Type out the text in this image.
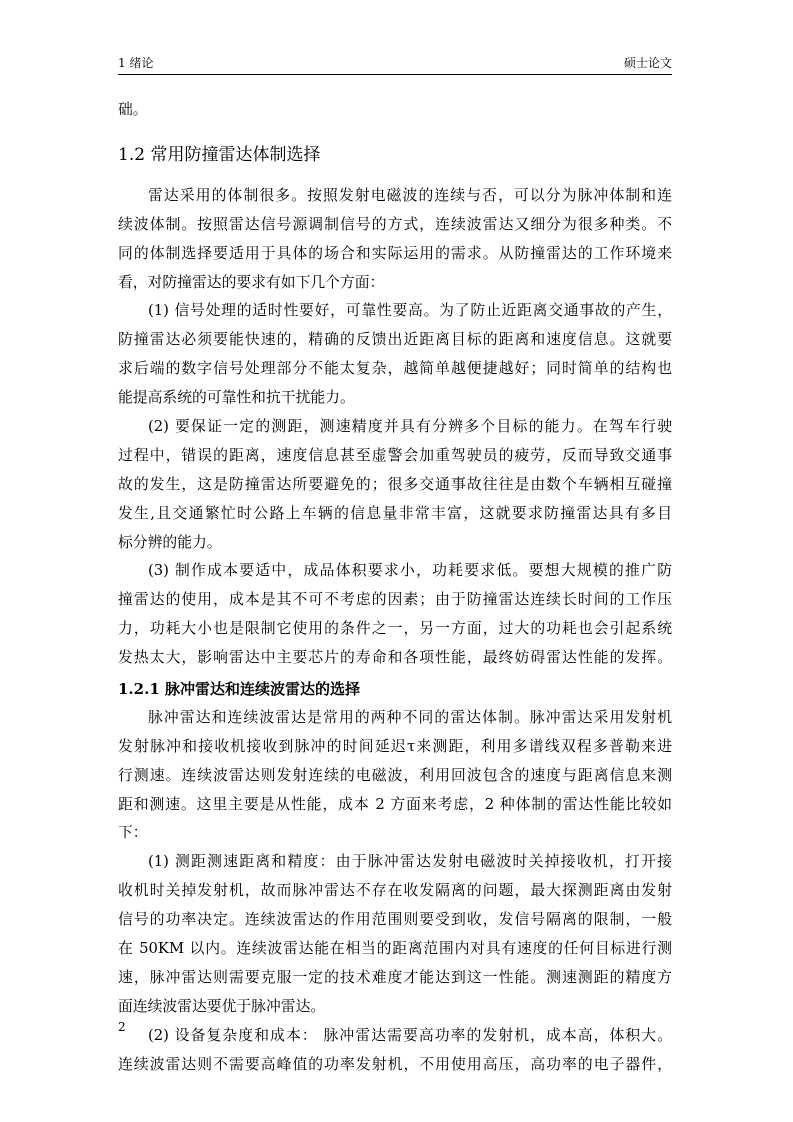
1 绪论	硕士论文
础。
1.2 常用防撞雷达体制选择
雷达采用的体制很多。按照发射电磁波的连续与否，可以分为脉冲体制和连
续波体制。按照雷达信号源调制信号的方式，连续波雷达又细分为很多种类。不
同的体制选择要适用于具体的场合和实际运用的需求。从防撞雷达的工作环境来
看，对防撞雷达的要求有如下几个方面：
(1) 信号处理的适时性要好，可靠性要高。为了防止近距离交通事故的产生，
防撞雷达必须要能快速的，精确的反馈出近距离目标的距离和速度信息。这就要
求后端的数字信号处理部分不能太复杂，越简单越便捷越好；同时简单的结构也
能提高系统的可靠性和抗干扰能力。
(2) 要保证一定的测距，测速精度并具有分辨多个目标的能力。在驾车行驶
过程中，错误的距离，速度信息甚至虚警会加重驾驶员的疲劳，反而导致交通事
故的发生，这是防撞雷达所要避免的；很多交通事故往往是由数个车辆相互碰撞
发生,且交通繁忙时公路上车辆的信息量非常丰富，这就要求防撞雷达具有多目
标分辨的能力。
(3) 制作成本要适中，成品体积要求小，功耗要求低。要想大规模的推广防
撞雷达的使用，成本是其不可不考虑的因素；由于防撞雷达连续长时间的工作压
力，功耗大小也是限制它使用的条件之一，另一方面，过大的功耗也会引起系统
发热太大，影响雷达中主要芯片的寿命和各项性能，最终妨碍雷达性能的发挥。
1.2.1 脉冲雷达和连续波雷达的选择
脉冲雷达和连续波雷达是常用的两种不同的雷达体制。脉冲雷达采用发射机
发射脉冲和接收机接收到脉冲的时间延迟τ来测距，利用多谱线双程多普勒来进
行测速。连续波雷达则发射连续的电磁波，利用回波包含的速度与距离信息来测
距和测速。这里主要是从性能，成本 2 方面来考虑，2 种体制的雷达性能比较如
下：
(1) 测距测速距离和精度：由于脉冲雷达发射电磁波时关掉接收机，打开接
收机时关掉发射机，故而脉冲雷达不存在收发隔离的问题，最大探测距离由发射
信号的功率决定。连续波雷达的作用范围则要受到收，发信号隔离的限制，一般
在 50KM 以内。连续波雷达能在相当的距离范围内对具有速度的任何目标进行测
速，脉冲雷达则需要克服一定的技术难度才能达到这一性能。测速测距的精度方
面连续波雷达要优于脉冲雷达。
(2) 设备复杂度和成本： 脉冲雷达需要高功率的发射机，成本高，体积大。
连续波雷达则不需要高峰值的功率发射机，不用使用高压，高功率的电子器件，
2
